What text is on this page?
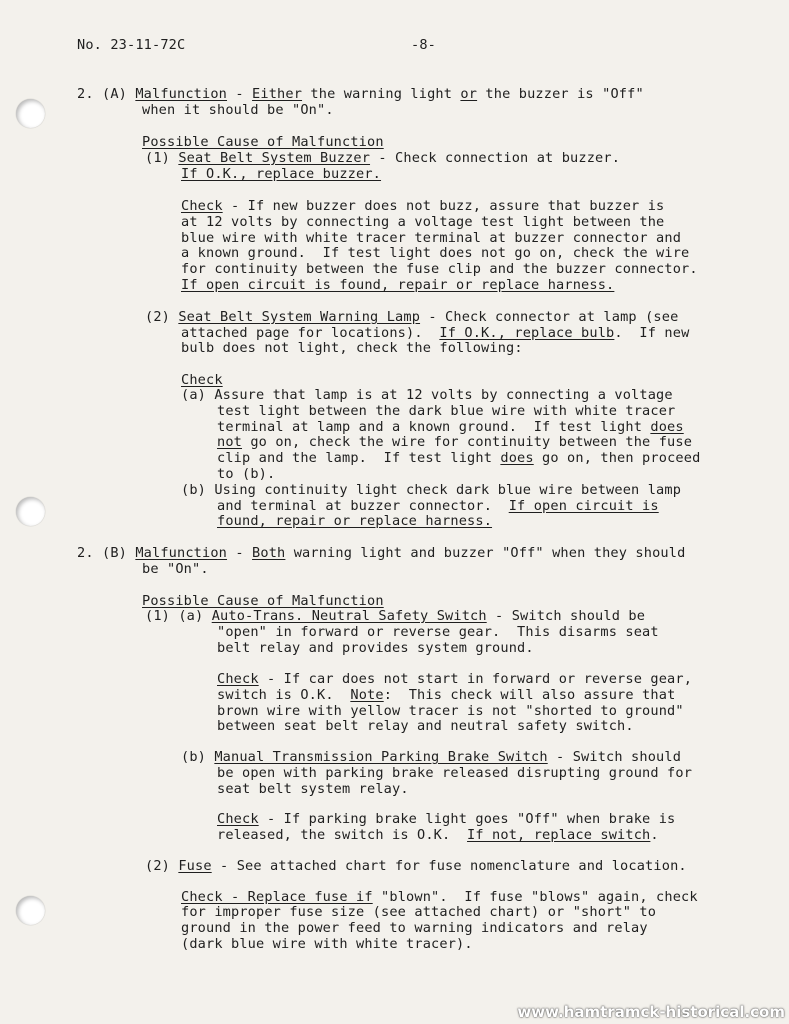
www.hamtramck-historical.com
No. 23-11-72C	-8-
2. (A) Malfunction - Either the warning light or the buzzer is "Off"
when it should be "On".
Possible Cause of Malfunction
(1) Seat Belt System Buzzer - Check connection at buzzer.
If O.K., replace buzzer.
Check - If new buzzer does not buzz, assure that buzzer is
at 12 volts by connecting a voltage test light between the
blue wire with white tracer terminal at buzzer connector and
a known ground.  If test light does not go on, check the wire
for continuity between the fuse clip and the buzzer connector.
If open circuit is found, repair or replace harness.
(2) Seat Belt System Warning Lamp - Check connector at lamp (see
attached page for locations).  If O.K., replace bulb.  If new
bulb does not light, check the following:
Check
(a) Assure that lamp is at 12 volts by connecting a voltage
test light between the dark blue wire with white tracer
terminal at lamp and a known ground.  If test light does
not go on, check the wire for continuity between the fuse
clip and the lamp.  If test light does go on, then proceed
to (b).
(b) Using continuity light check dark blue wire between lamp
and terminal at buzzer connector.  If open circuit is
found, repair or replace harness.
2. (B) Malfunction - Both warning light and buzzer "Off" when they should
be "On".
Possible Cause of Malfunction
(1) (a) Auto-Trans. Neutral Safety Switch - Switch should be
"open" in forward or reverse gear.  This disarms seat
belt relay and provides system ground.
Check - If car does not start in forward or reverse gear,
switch is O.K.  Note:  This check will also assure that
brown wire with yellow tracer is not "shorted to ground"
between seat belt relay and neutral safety switch.
(b) Manual Transmission Parking Brake Switch - Switch should
be open with parking brake released disrupting ground for
seat belt system relay.
Check - If parking brake light goes "Off" when brake is
released, the switch is O.K.  If not, replace switch.
(2) Fuse - See attached chart for fuse nomenclature and location.
Check - Replace fuse if "blown".  If fuse "blows" again, check
for improper fuse size (see attached chart) or "short" to
ground in the power feed to warning indicators and relay
(dark blue wire with white tracer).
